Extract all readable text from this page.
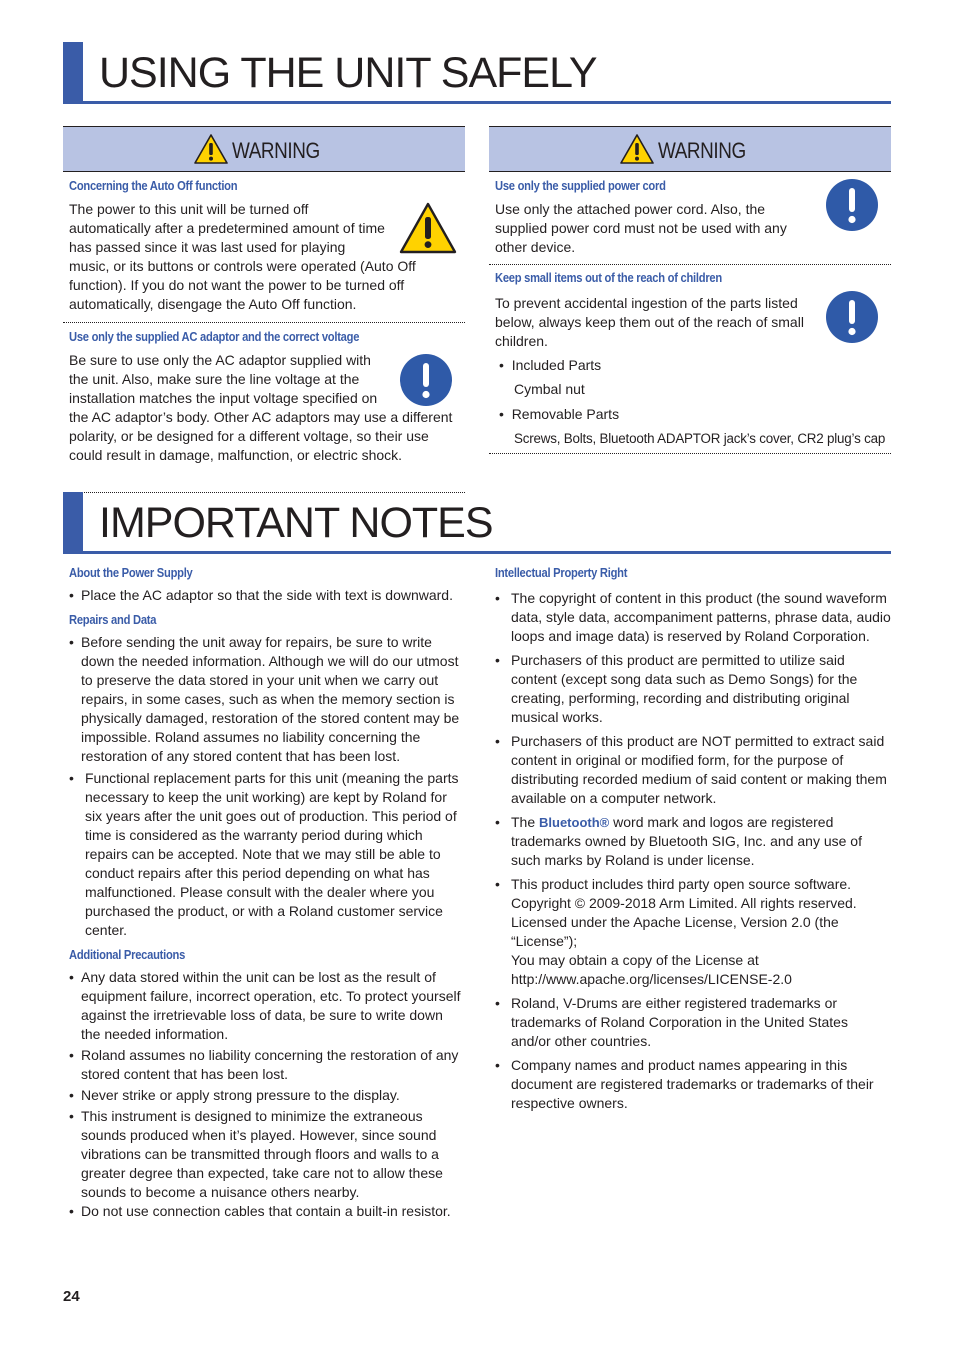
USING THE UNIT SAFELY
WARNING
Concerning the Auto Off function

The power to this unit will be turned off automatically after a predetermined amount of time has passed since it was last used for playing music, or its buttons or controls were operated (Auto Off function). If you do not want the power to be turned off automatically, disengage the Auto Off function.

Use only the supplied AC adaptor and the correct voltage

Be sure to use only the AC adaptor supplied with the unit. Also, make sure the line voltage at the installation matches the input voltage specified on the AC adaptor’s body. Other AC adaptors may use a different polarity, or be designed for a different voltage, so their use could result in damage, malfunction, or electric shock.

WARNING
Use only the supplied power cord

Use only the attached power cord. Also, the supplied power cord must not be used with any other device.

Keep small items out of the reach of children

To prevent accidental ingestion of the parts listed below, always keep them out of the reach of small children.

•  Included Parts
Cymbal nut
•  Removable Parts
Screws, Bolts, Bluetooth ADAPTOR jack’s cover, CR2 plug’s cap
IMPORTANT NOTES
About the Power Supply
• Place the AC adaptor so that the side with text is downward.
Repairs and Data
• Before sending the unit away for repairs, be sure to write down the needed information. Although we will do our utmost to preserve the data stored in your unit when we carry out repairs, in some cases, such as when the memory section is physically damaged, restoration of the stored content may be impossible. Roland assumes no liability concerning the restoration of any stored content that has been lost.
• Functional replacement parts for this unit (meaning the parts necessary to keep the unit working) are kept by Roland for six years after the unit goes out of production. This period of time is considered as the warranty period during which repairs can be accepted. Note that we may still be able to conduct repairs after this period depending on what has malfunctioned. Please consult with the dealer where you purchased the product, or with a Roland customer service center.
Additional Precautions
• Any data stored within the unit can be lost as the result of equipment failure, incorrect operation, etc. To protect yourself against the irretrievable loss of data, be sure to write down the needed information.
• Roland assumes no liability concerning the restoration of any stored content that has been lost.
• Never strike or apply strong pressure to the display.
• This instrument is designed to minimize the extraneous sounds produced when it’s played. However, since sound vibrations can be transmitted through floors and walls to a greater degree than expected, take care not to allow these sounds to become a nuisance others nearby.
• Do not use connection cables that contain a built-in resistor.
Intellectual Property Right
• The copyright of content in this product (the sound waveform data, style data, accompaniment patterns, phrase data, audio loops and image data) is reserved by Roland Corporation.
• Purchasers of this product are permitted to utilize said content (except song data such as Demo Songs) for the creating, performing, recording and distributing original musical works.
• Purchasers of this product are NOT permitted to extract said content in original or modified form, for the purpose of distributing recorded medium of said content or making them available on a computer network.
• The Bluetooth® word mark and logos are registered trademarks owned by Bluetooth SIG, Inc. and any use of such marks by Roland is under license.
• This product includes third party open source software.
Copyright © 2009-2018 Arm Limited. All rights reserved.
Licensed under the Apache License, Version 2.0 (the “License”);
You may obtain a copy of the License at
http://www.apache.org/licenses/LICENSE-2.0
• Roland, V-Drums are either registered trademarks or trademarks of Roland Corporation in the United States and/or other countries.
• Company names and product names appearing in this document are registered trademarks or trademarks of their respective owners.
24
